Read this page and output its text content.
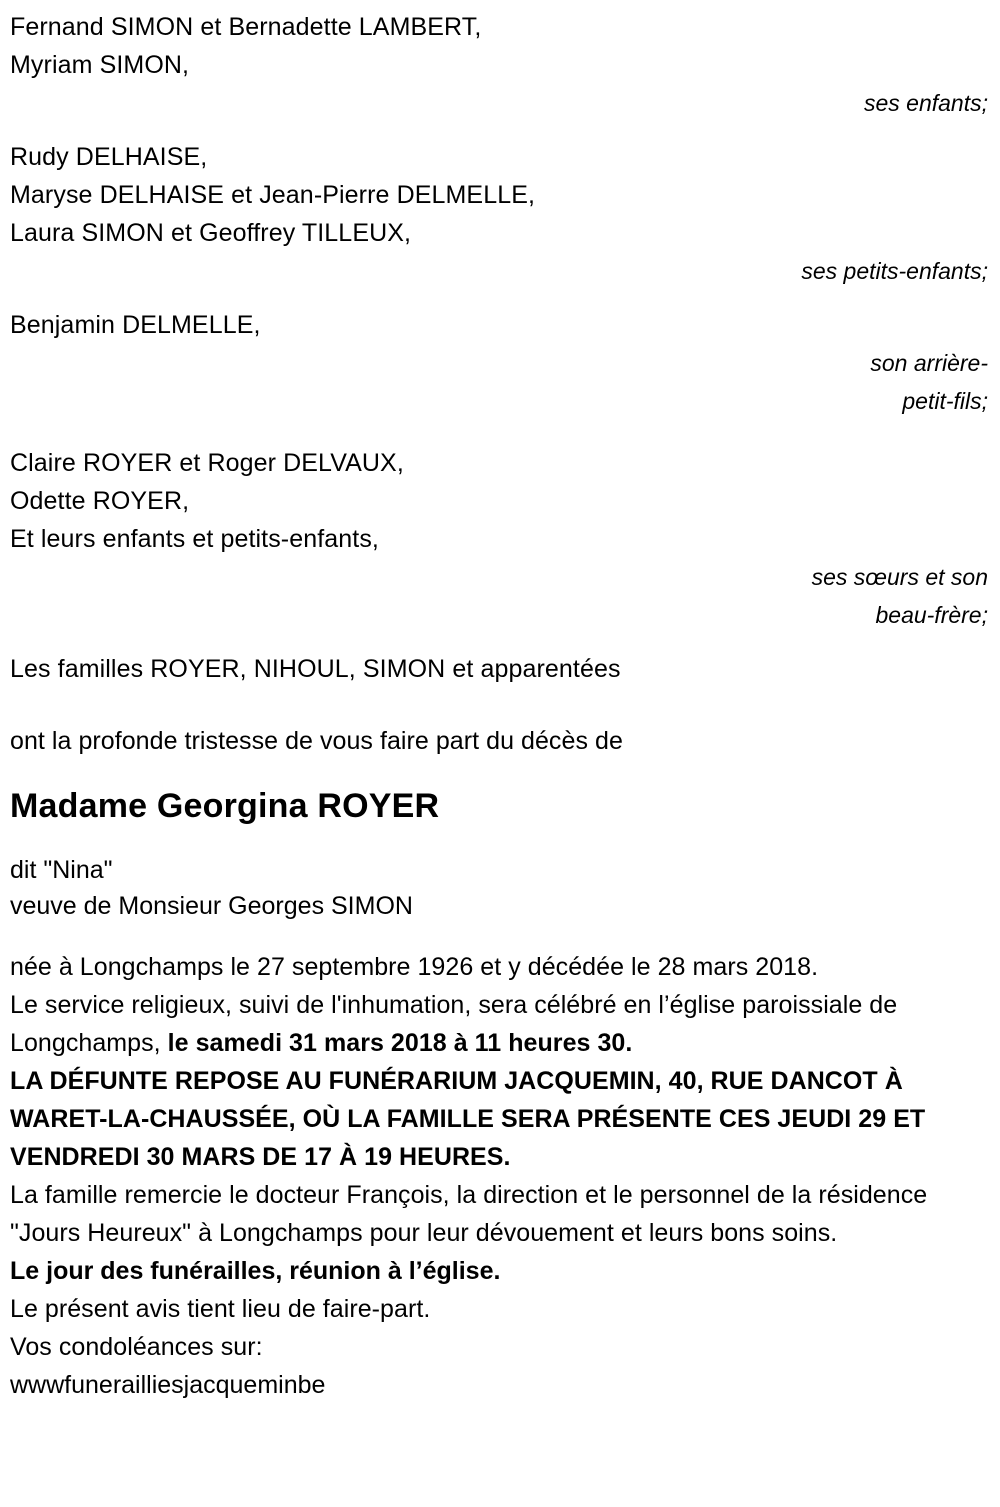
Fernand SIMON et Bernadette LAMBERT,
Myriam SIMON,
ses enfants;
Rudy DELHAISE,
Maryse DELHAISE et Jean-Pierre DELMELLE,
Laura SIMON et Geoffrey TILLEUX,
ses petits-enfants;
Benjamin DELMELLE,
son arrière-
petit-fils;
Claire ROYER et Roger DELVAUX,
Odette ROYER,
Et leurs enfants et petits-enfants,
ses sœurs et son
beau-frère;
Les familles ROYER, NIHOUL, SIMON et apparentées

ont la profonde tristesse de vous faire part du décès de

Madame Georgina ROYER

dit "Nina"

veuve de Monsieur Georges SIMON

née à Longchamps le 27 septembre 1926 et y décédée le 28 mars 2018.

Le service religieux, suivi de l'inhumation, sera célébré en l’église paroissiale de Longchamps, le samedi 31 mars 2018 à 11 heures 30.

LA DÉFUNTE REPOSE AU FUNÉRARIUM JACQUEMIN, 40, RUE DANCOT À WARET-LA-CHAUSSÉE, OÙ LA FAMILLE SERA PRÉSENTE CES JEUDI 29 ET VENDREDI 30 MARS DE 17 À 19 HEURES.

La famille remercie le docteur François, la direction et le personnel de la résidence "Jours Heureux" à Longchamps pour leur dévouement et leurs bons soins.

Le jour des funérailles, réunion à l’église.

Le présent avis tient lieu de faire-part.

Vos condoléances sur:

wwwfunerailliesjacqueminbe
